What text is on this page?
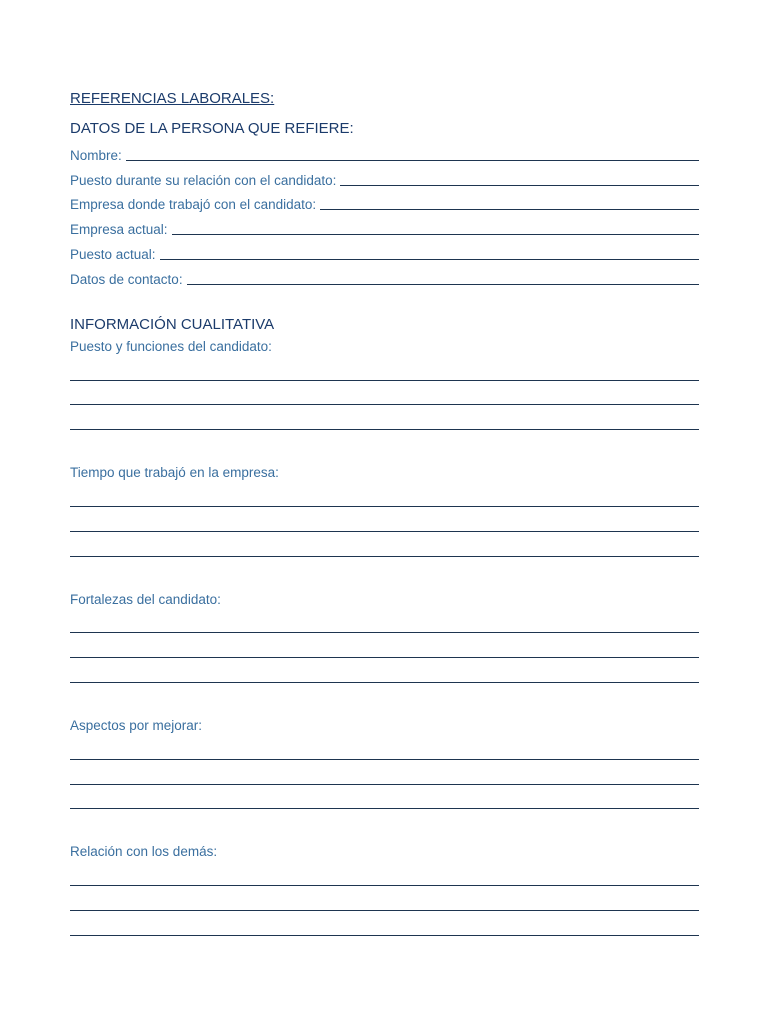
REFERENCIAS LABORALES:
DATOS DE LA PERSONA QUE REFIERE:
Nombre:
Puesto durante su relación con el candidato:
Empresa donde trabajó con el candidato:
Empresa actual:
Puesto actual:
Datos de contacto:
INFORMACIÓN CUALITATIVA
Puesto y funciones del candidato:
Tiempo que trabajó en la empresa:
Fortalezas del candidato:
Aspectos por mejorar:
Relación con los demás:
